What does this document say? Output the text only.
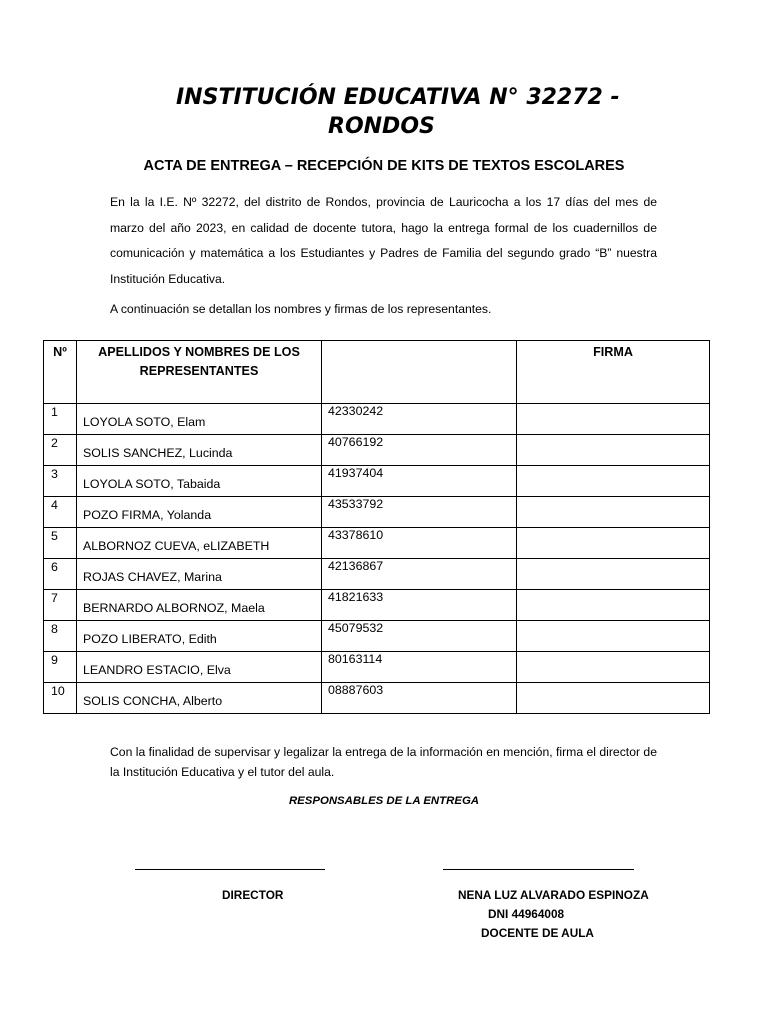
INSTITUCIÓN EDUCATIVA N° 32272 -
RONDOS
ACTA DE ENTREGA – RECEPCIÓN DE KITS DE TEXTOS ESCOLARES
En la la I.E. Nº 32272, del distrito de Rondos, provincia de Lauricocha a los 17 días del mes de marzo del año 2023, en calidad de docente tutora, hago la entrega formal de los cuadernillos de comunicación y matemática a los Estudiantes y Padres de Familia del segundo grado “B” nuestra Institución Educativa.
A continuación se detallan los nombres y firmas de los representantes.
Nº	APELLIDOS Y NOMBRES DE LOS REPRESENTANTES		FIRMA

1	LOYOLA SOTO, Elam	42330242	

2	SOLIS SANCHEZ, Lucinda	40766192	

3	LOYOLA SOTO, Tabaida	41937404	

4	POZO FIRMA, Yolanda	43533792	

5	ALBORNOZ CUEVA, eLIZABETH	43378610	

6	ROJAS CHAVEZ, Marina	42136867	

7	BERNARDO ALBORNOZ, Maela	41821633	

8	POZO LIBERATO, Edith	45079532	

9	LEANDRO ESTACIO, Elva	80163114	

10	SOLIS CONCHA, Alberto	08887603	

Con la finalidad de supervisar y legalizar la entrega de la información en mención, firma el director de la Institución Educativa y el tutor del aula.
RESPONSABLES DE LA ENTREGA
DIRECTOR	NENA LUZ ALVARADO ESPINOZA
DNI 44964008
DOCENTE DE AULA
